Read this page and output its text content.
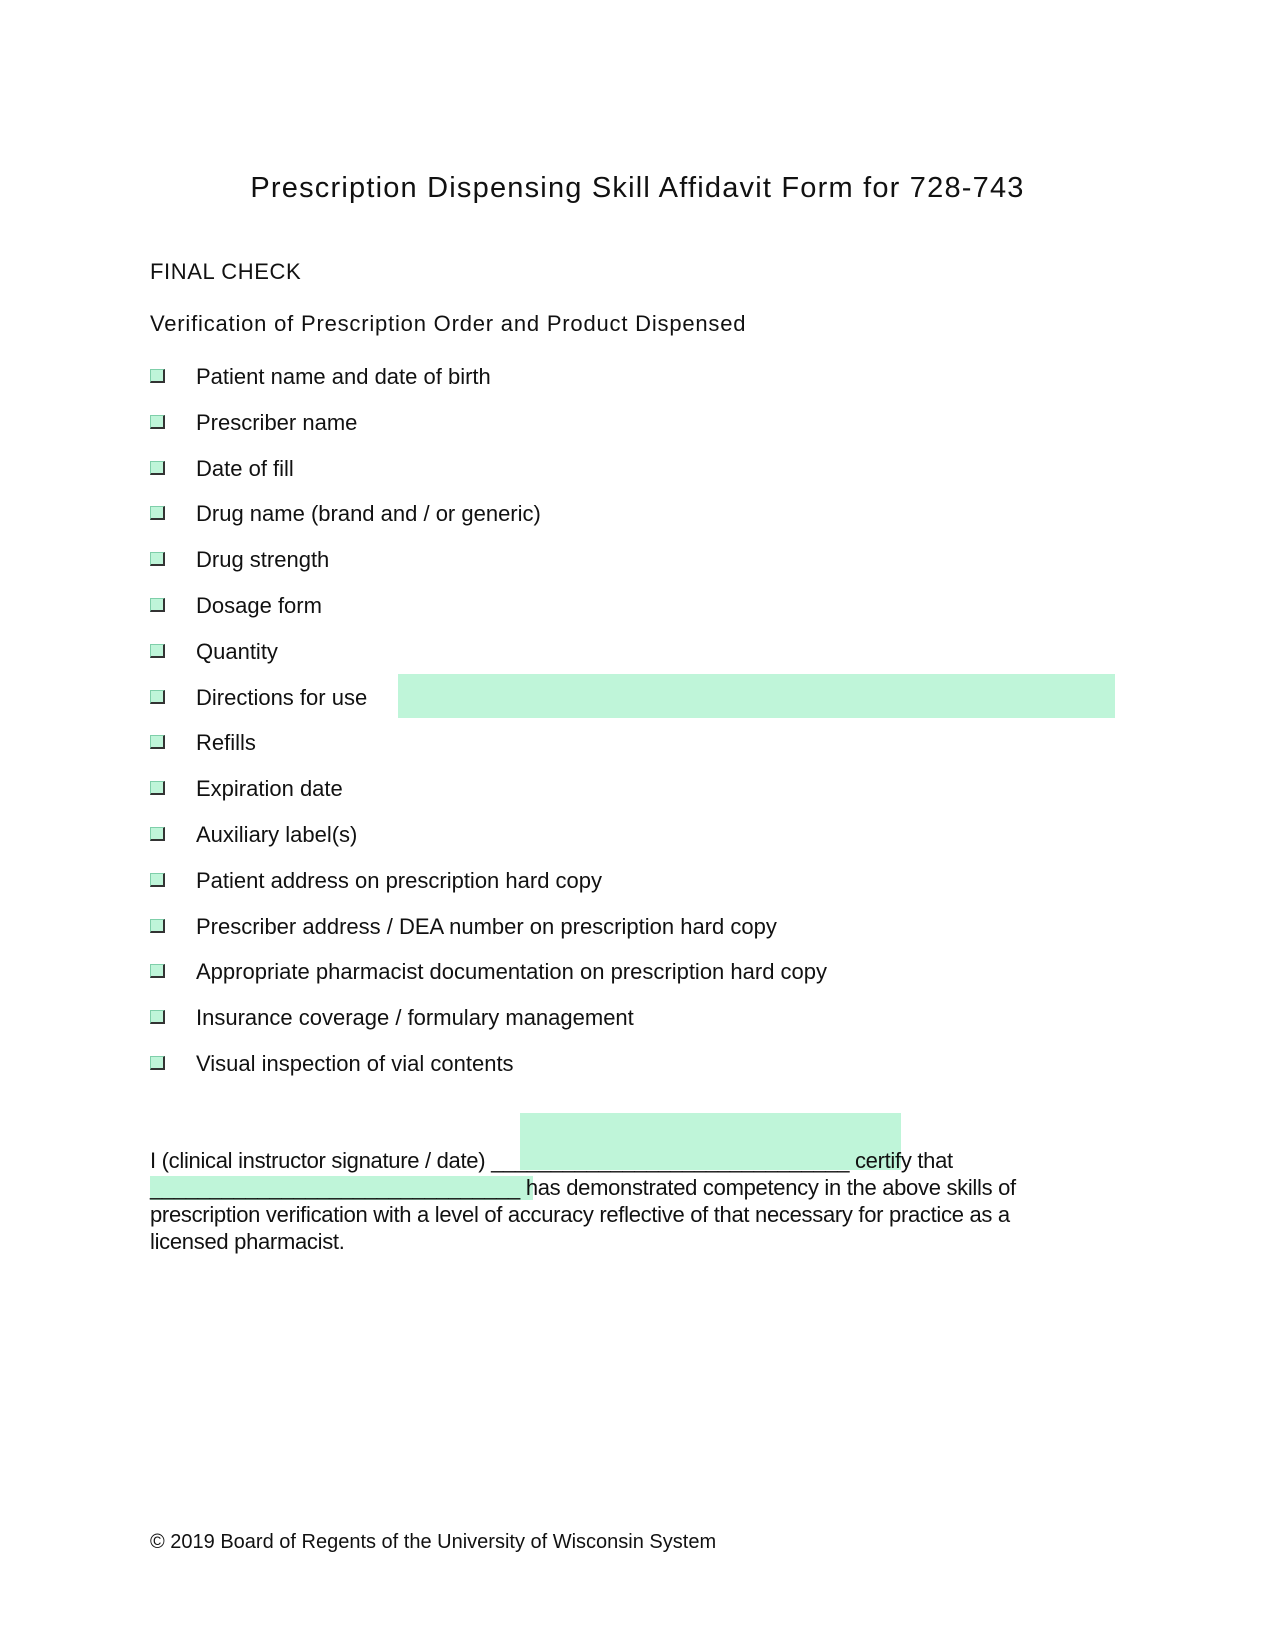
Prescription Dispensing Skill Affidavit Form for 728-743
FINAL CHECK
Verification of Prescription Order and Product Dispensed
Patient name and date of birth
Prescriber name
Date of fill
Drug name (brand and / or generic)
Drug strength
Dosage form
Quantity
Directions for use
Refills
Expiration date
Auxiliary label(s)
Patient address on prescription hard copy
Prescriber address / DEA number on prescription hard copy
Appropriate pharmacist documentation on prescription hard copy
Insurance coverage / formulary management
Visual inspection of vial contents
I (clinical instructor signature / date) ______________________________ certify that
_______________________________ has demonstrated competency in the above skills of
prescription verification with a level of accuracy reflective of that necessary for practice as a
licensed pharmacist.
© 2019 Board of Regents of the University of Wisconsin System
